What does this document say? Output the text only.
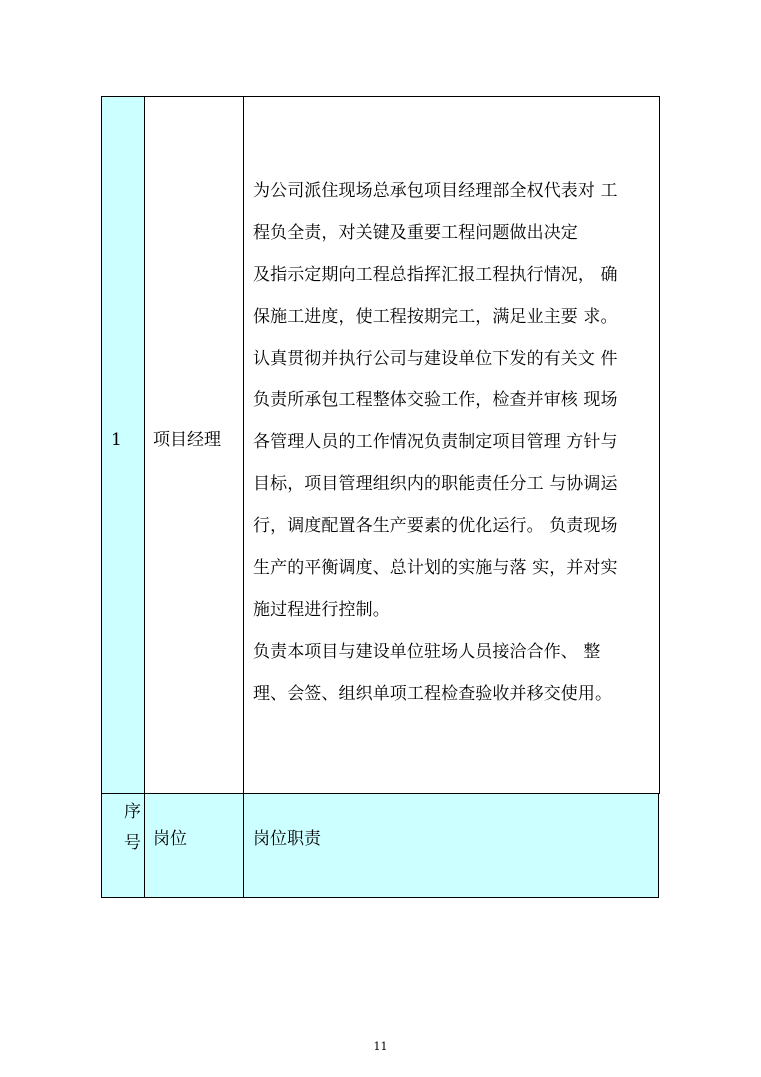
1 项目经理
为公司派住现场总承包项目经理部全权代表对 工
程负全责，对关键及重要工程问题做出决定
及指示定期向工程总指挥汇报工程执行情况， 确
保施工进度，使工程按期完工，满足业主要 求。
认真贯彻并执行公司与建设单位下发的有关文 件
负责所承包工程整体交验工作，检查并审核 现场
各管理人员的工作情况负责制定项目管理 方针与
目标，项目管理组织内的职能责任分工 与协调运
行，调度配置各生产要素的优化运行。 负责现场
生产的平衡调度、总计划的实施与落 实，并对实
施过程进行控制。
负责本项目与建设单位驻场人员接洽合作、 整
理、会签、组织单项工程检查验收并移交使用。
序
号 岗位	岗位职责
11
